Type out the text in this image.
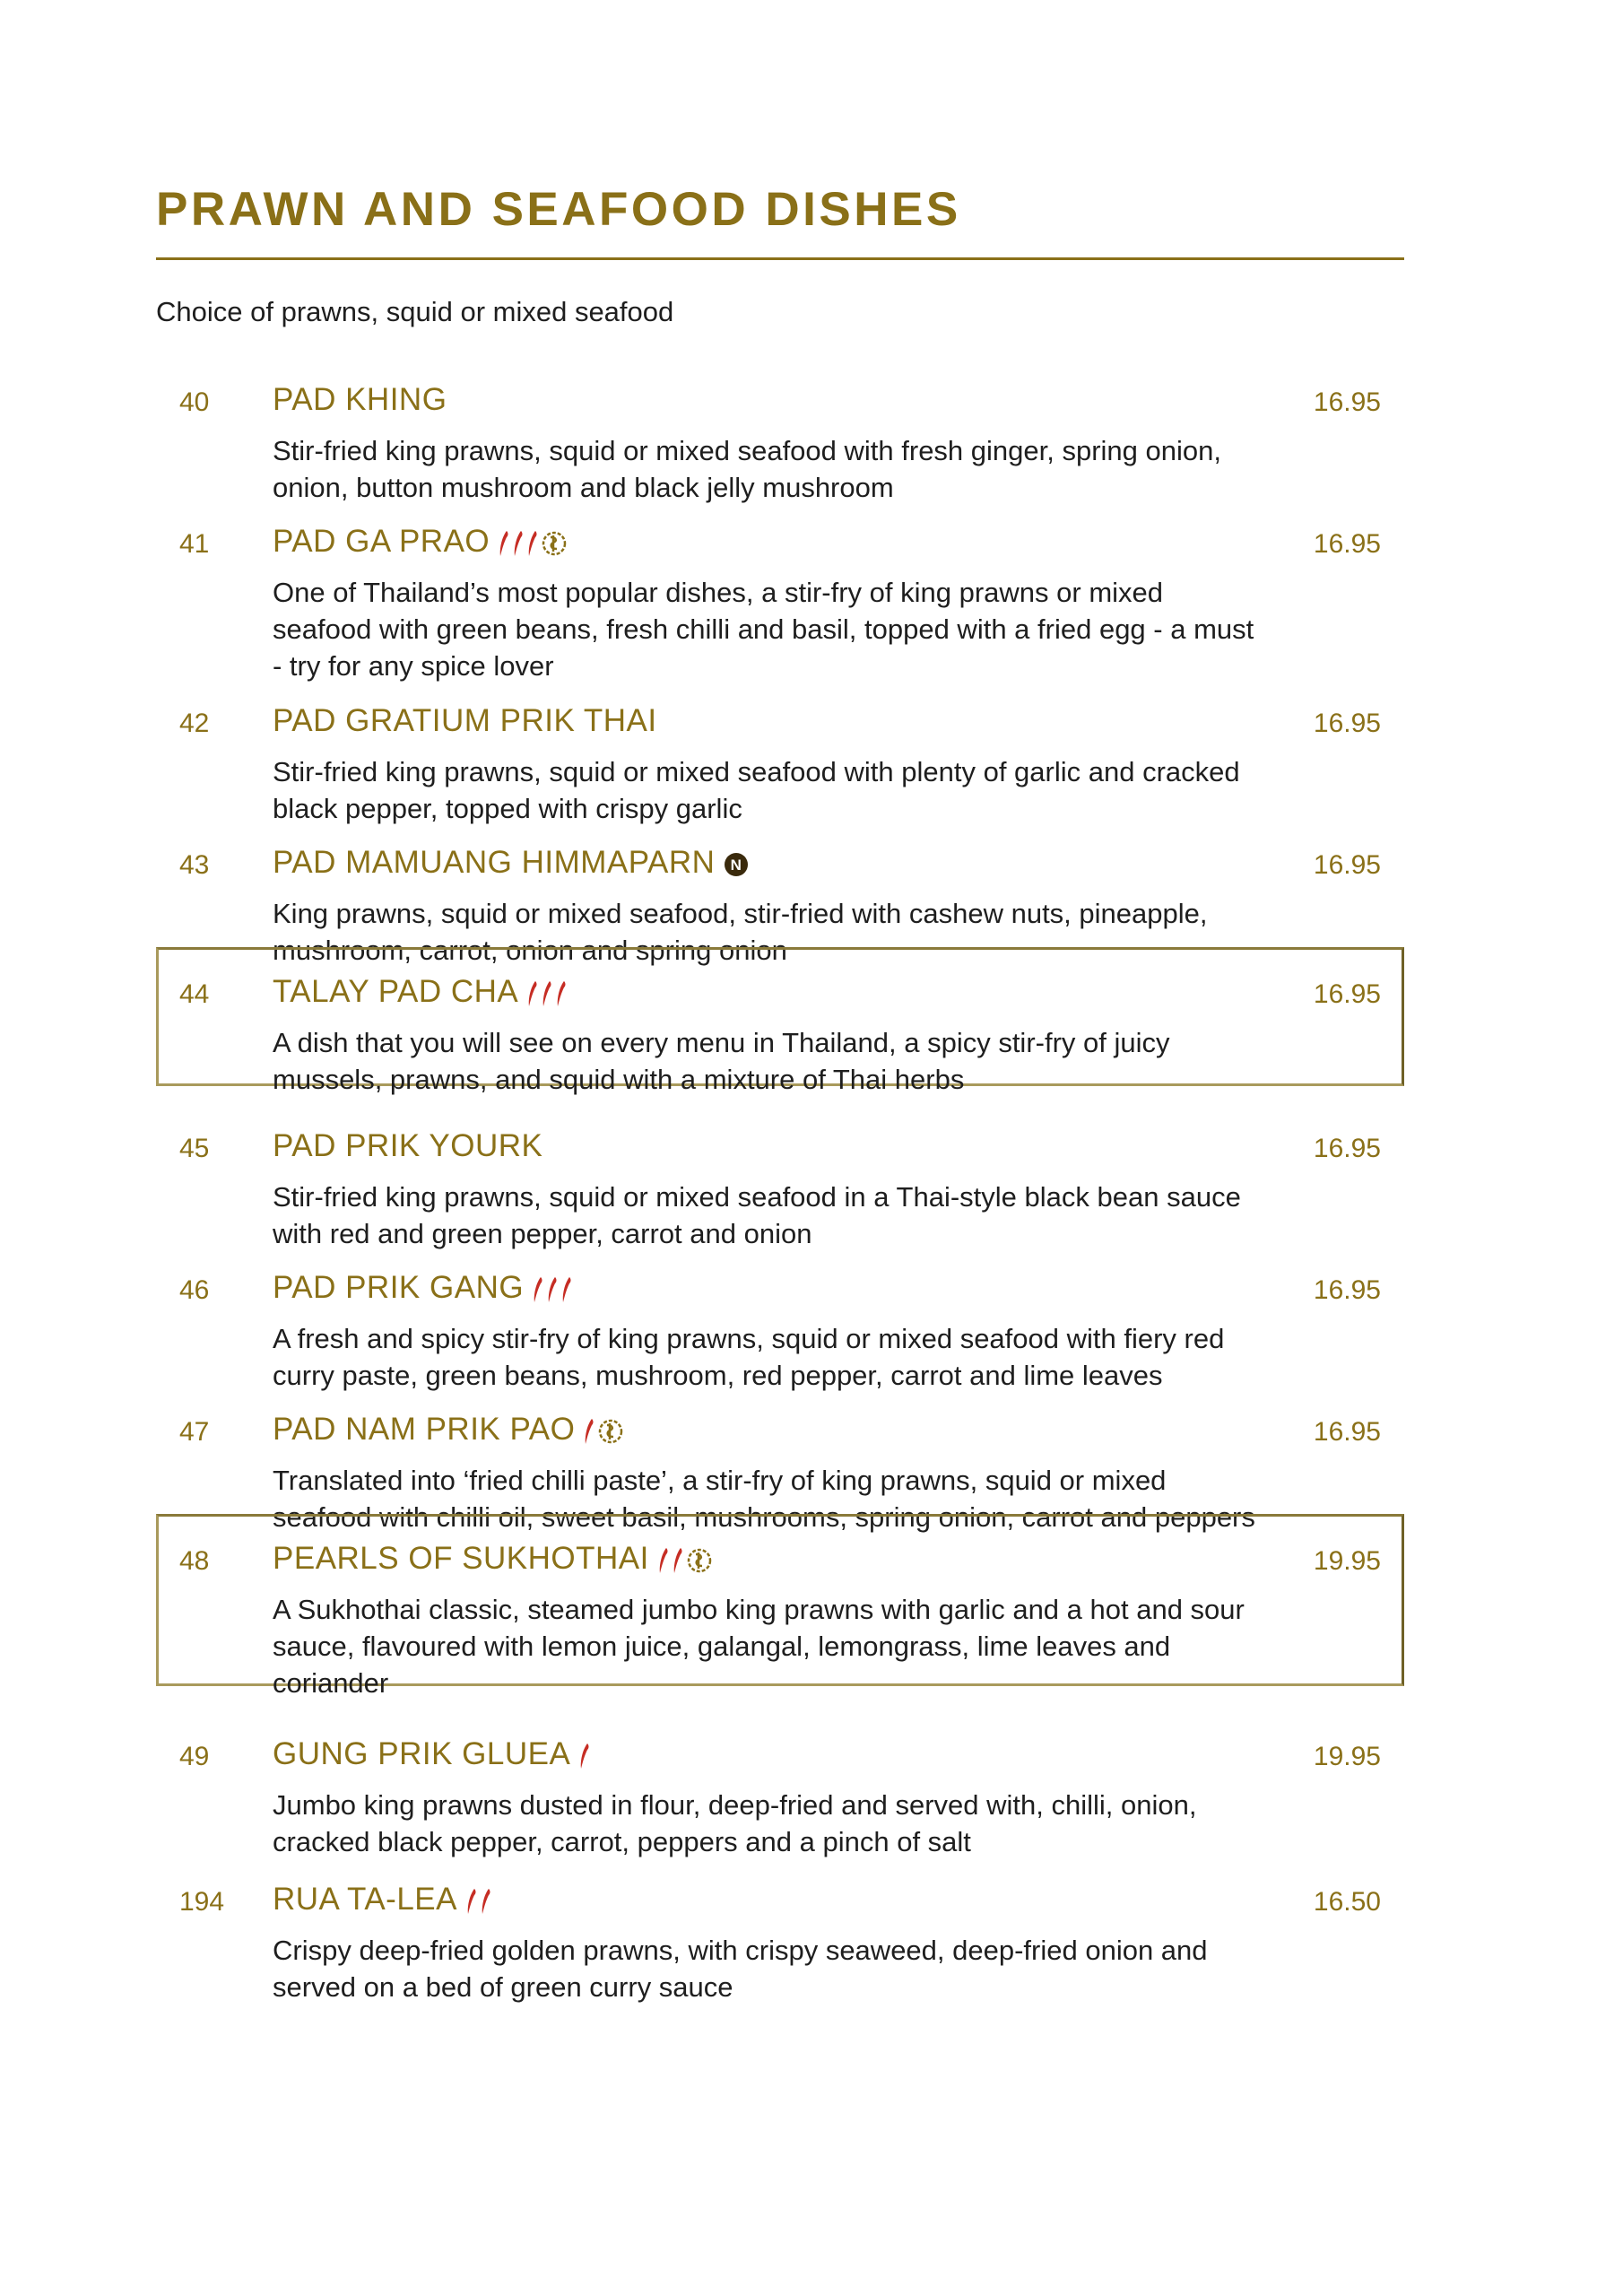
PRAWN AND SEAFOOD DISHES
Choice of prawns, squid or mixed seafood
40 PAD KHING	16.95
Stir-fried king prawns, squid or mixed seafood with fresh ginger, spring onion, onion, button mushroom and black jelly mushroom
41 PAD GA PRAO	16.95
One of Thailand’s most popular dishes, a stir-fry of king prawns or mixed seafood with green beans, fresh chilli and basil, topped with a fried egg - a must - try for any spice lover
42 PAD GRATIUM PRIK THAI	16.95
Stir-fried king prawns, squid or mixed seafood with plenty of garlic and cracked black pepper, topped with crispy garlic
43 PAD MAMUANG HIMMAPARN N	16.95
King prawns, squid or mixed seafood, stir-fried with cashew nuts, pineapple, mushroom, carrot, onion and spring onion
44 TALAY PAD CHA	16.95
A dish that you will see on every menu in Thailand, a spicy stir-fry of juicy mussels, prawns, and squid with a mixture of Thai herbs
45 PAD PRIK YOURK	16.95
Stir-fried king prawns, squid or mixed seafood in a Thai-style black bean sauce with red and green pepper, carrot and onion
46 PAD PRIK GANG	16.95
A fresh and spicy stir-fry of king prawns, squid or mixed seafood with fiery red curry paste, green beans, mushroom, red pepper, carrot and lime leaves
47 PAD NAM PRIK PAO	16.95
Translated into ‘fried chilli paste’, a stir-fry of king prawns, squid or mixed seafood with chilli oil, sweet basil, mushrooms, spring onion, carrot and peppers
48 PEARLS OF SUKHOTHAI	19.95
A Sukhothai classic, steamed jumbo king prawns with garlic and a hot and sour sauce, flavoured with lemon juice, galangal, lemongrass, lime leaves and coriander
49 GUNG PRIK GLUEA	19.95
Jumbo king prawns dusted in flour, deep-fried and served with, chilli, onion, cracked black pepper, carrot, peppers and a pinch of salt
194 RUA TA-LEA	16.50
Crispy deep-fried golden prawns, with crispy seaweed, deep-fried onion and served on a bed of green curry sauce
